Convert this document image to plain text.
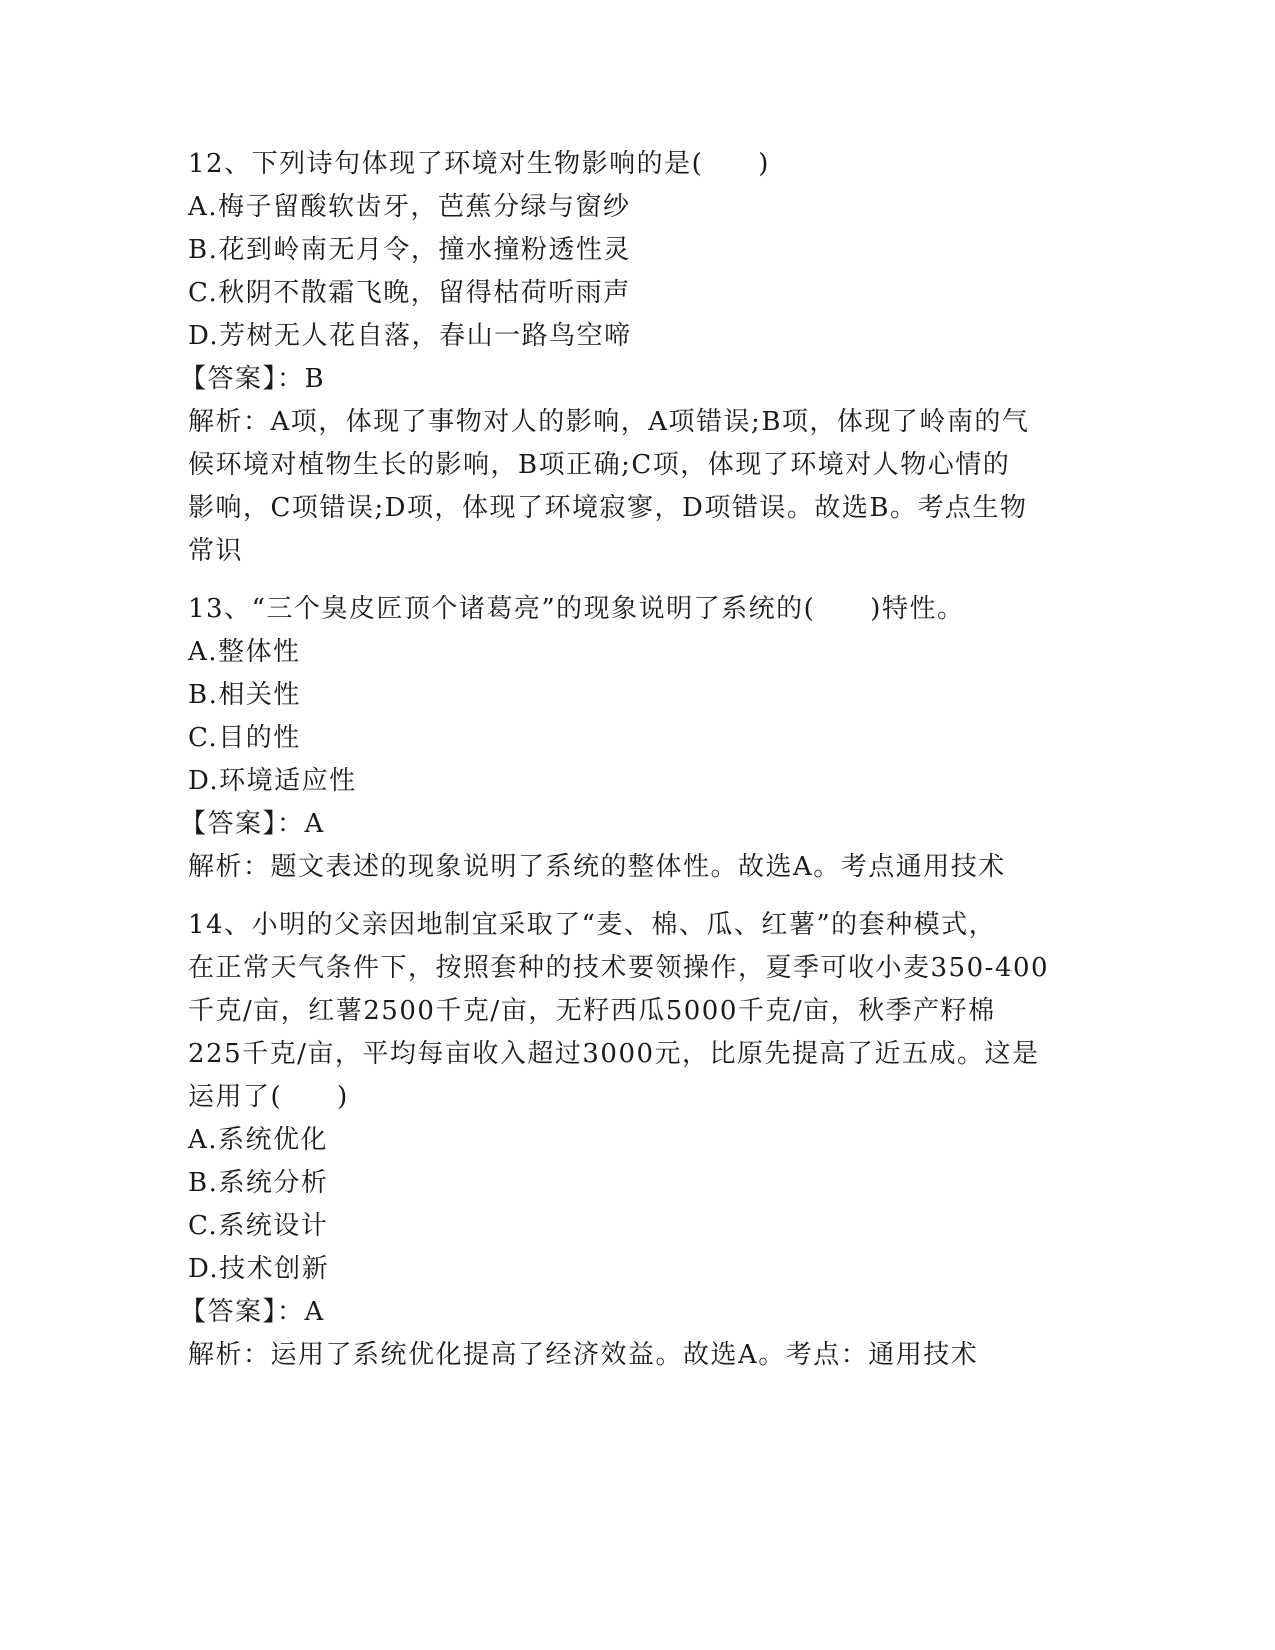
12、下列诗句体现了环境对生物影响的是(　　)
A.梅子留酸软齿牙，芭蕉分绿与窗纱
B.花到岭南无月令，撞水撞粉透性灵
C.秋阴不散霜飞晚，留得枯荷听雨声
D.芳树无人花自落，春山一路鸟空啼
【答案】：B
解析：A项，体现了事物对人的影响，A项错误;B项，体现了岭南的气
候环境对植物生长的影响，B项正确;C项，体现了环境对人物心情的
影响，C项错误;D项，体现了环境寂寥，D项错误。故选B。考点生物
常识
13、“三个臭皮匠顶个诸葛亮”的现象说明了系统的(　　)特性。
A.整体性
B.相关性
C.目的性
D.环境适应性
【答案】：A
解析：题文表述的现象说明了系统的整体性。故选A。考点通用技术
14、小明的父亲因地制宜采取了“麦、棉、瓜、红薯”的套种模式，
在正常天气条件下，按照套种的技术要领操作，夏季可收小麦350-400
千克/亩，红薯2500千克/亩，无籽西瓜5000千克/亩，秋季产籽棉
225千克/亩，平均每亩收入超过3000元，比原先提高了近五成。这是
运用了(　　)
A.系统优化
B.系统分析
C.系统设计
D.技术创新
【答案】：A
解析：运用了系统优化提高了经济效益。故选A。考点：通用技术
